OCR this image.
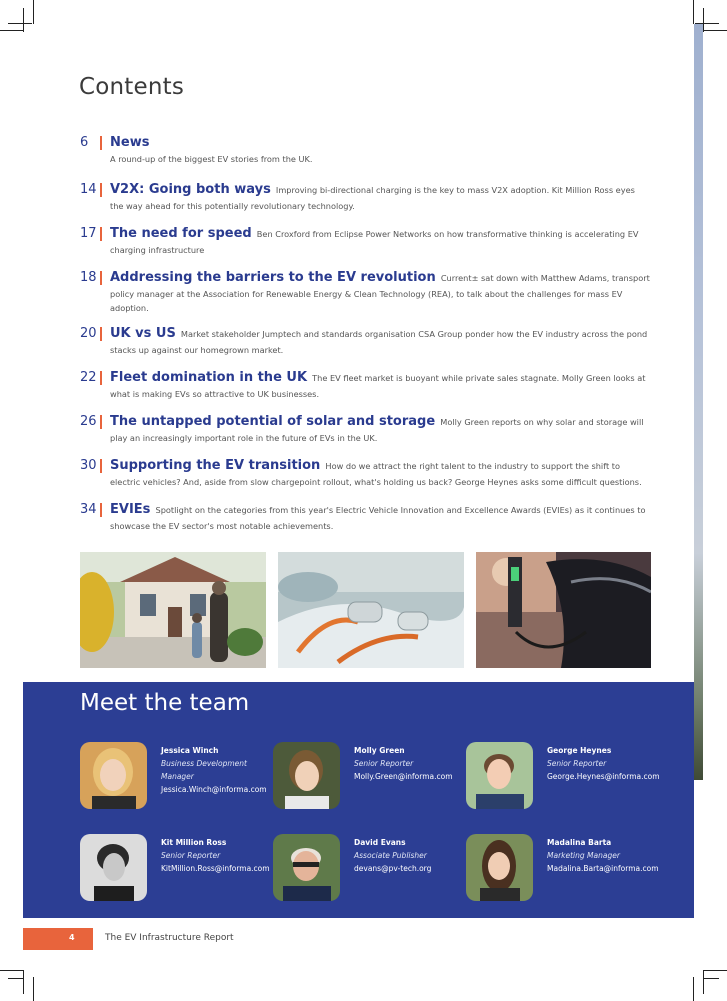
Contents
6	News
A round-up of the biggest EV stories from the UK.
14 V2X: Going both ways Improving bi-directional charging is the key to mass V2X adoption. Kit Million Ross eyes the way ahead for this potentially revolutionary technology.
17 The need for speed Ben Croxford from Eclipse Power Networks on how transformative thinking is accelerating EV charging infrastructure
18 Addressing the barriers to the EV revolution Current± sat down with Matthew Adams, transport policy manager at the Association for Renewable Energy & Clean Technology (REA), to talk about the challenges for mass EV adoption.
20 UK vs US Market stakeholder Jumptech and standards organisation CSA Group ponder how the EV industry across the pond stacks up against our homegrown market.
22 Fleet domination in the UK The EV fleet market is buoyant while private sales stagnate. Molly Green looks at what is making EVs so attractive to UK businesses.
26 The untapped potential of solar and storage Molly Green reports on why solar and storage will play an increasingly important role in the future of EVs in the UK.
30 Supporting the EV transition How do we attract the right talent to the industry to support the shift to electric vehicles? And, aside from slow chargepoint rollout, what's holding us back? George Heynes asks some difficult questions.
34 EVIEs Spotlight on the categories from this year's Electric Vehicle Innovation and Excellence Awards (EVIEs) as it continues to showcase the EV sector's most notable achievements.
Meet the team
Jessica Winch
Business Development Manager
Jessica.Winch@informa.com
Molly Green
Senior Reporter
Molly.Green@informa.com
George Heynes
Senior Reporter
George.Heynes@informa.com
Kit Million Ross
Senior Reporter
KitMillion.Ross@informa.com
David Evans
Associate Publisher
devans@pv-tech.org
Madalina Barta
Marketing Manager
Madalina.Barta@informa.com
4	The EV Infrastructure Report
